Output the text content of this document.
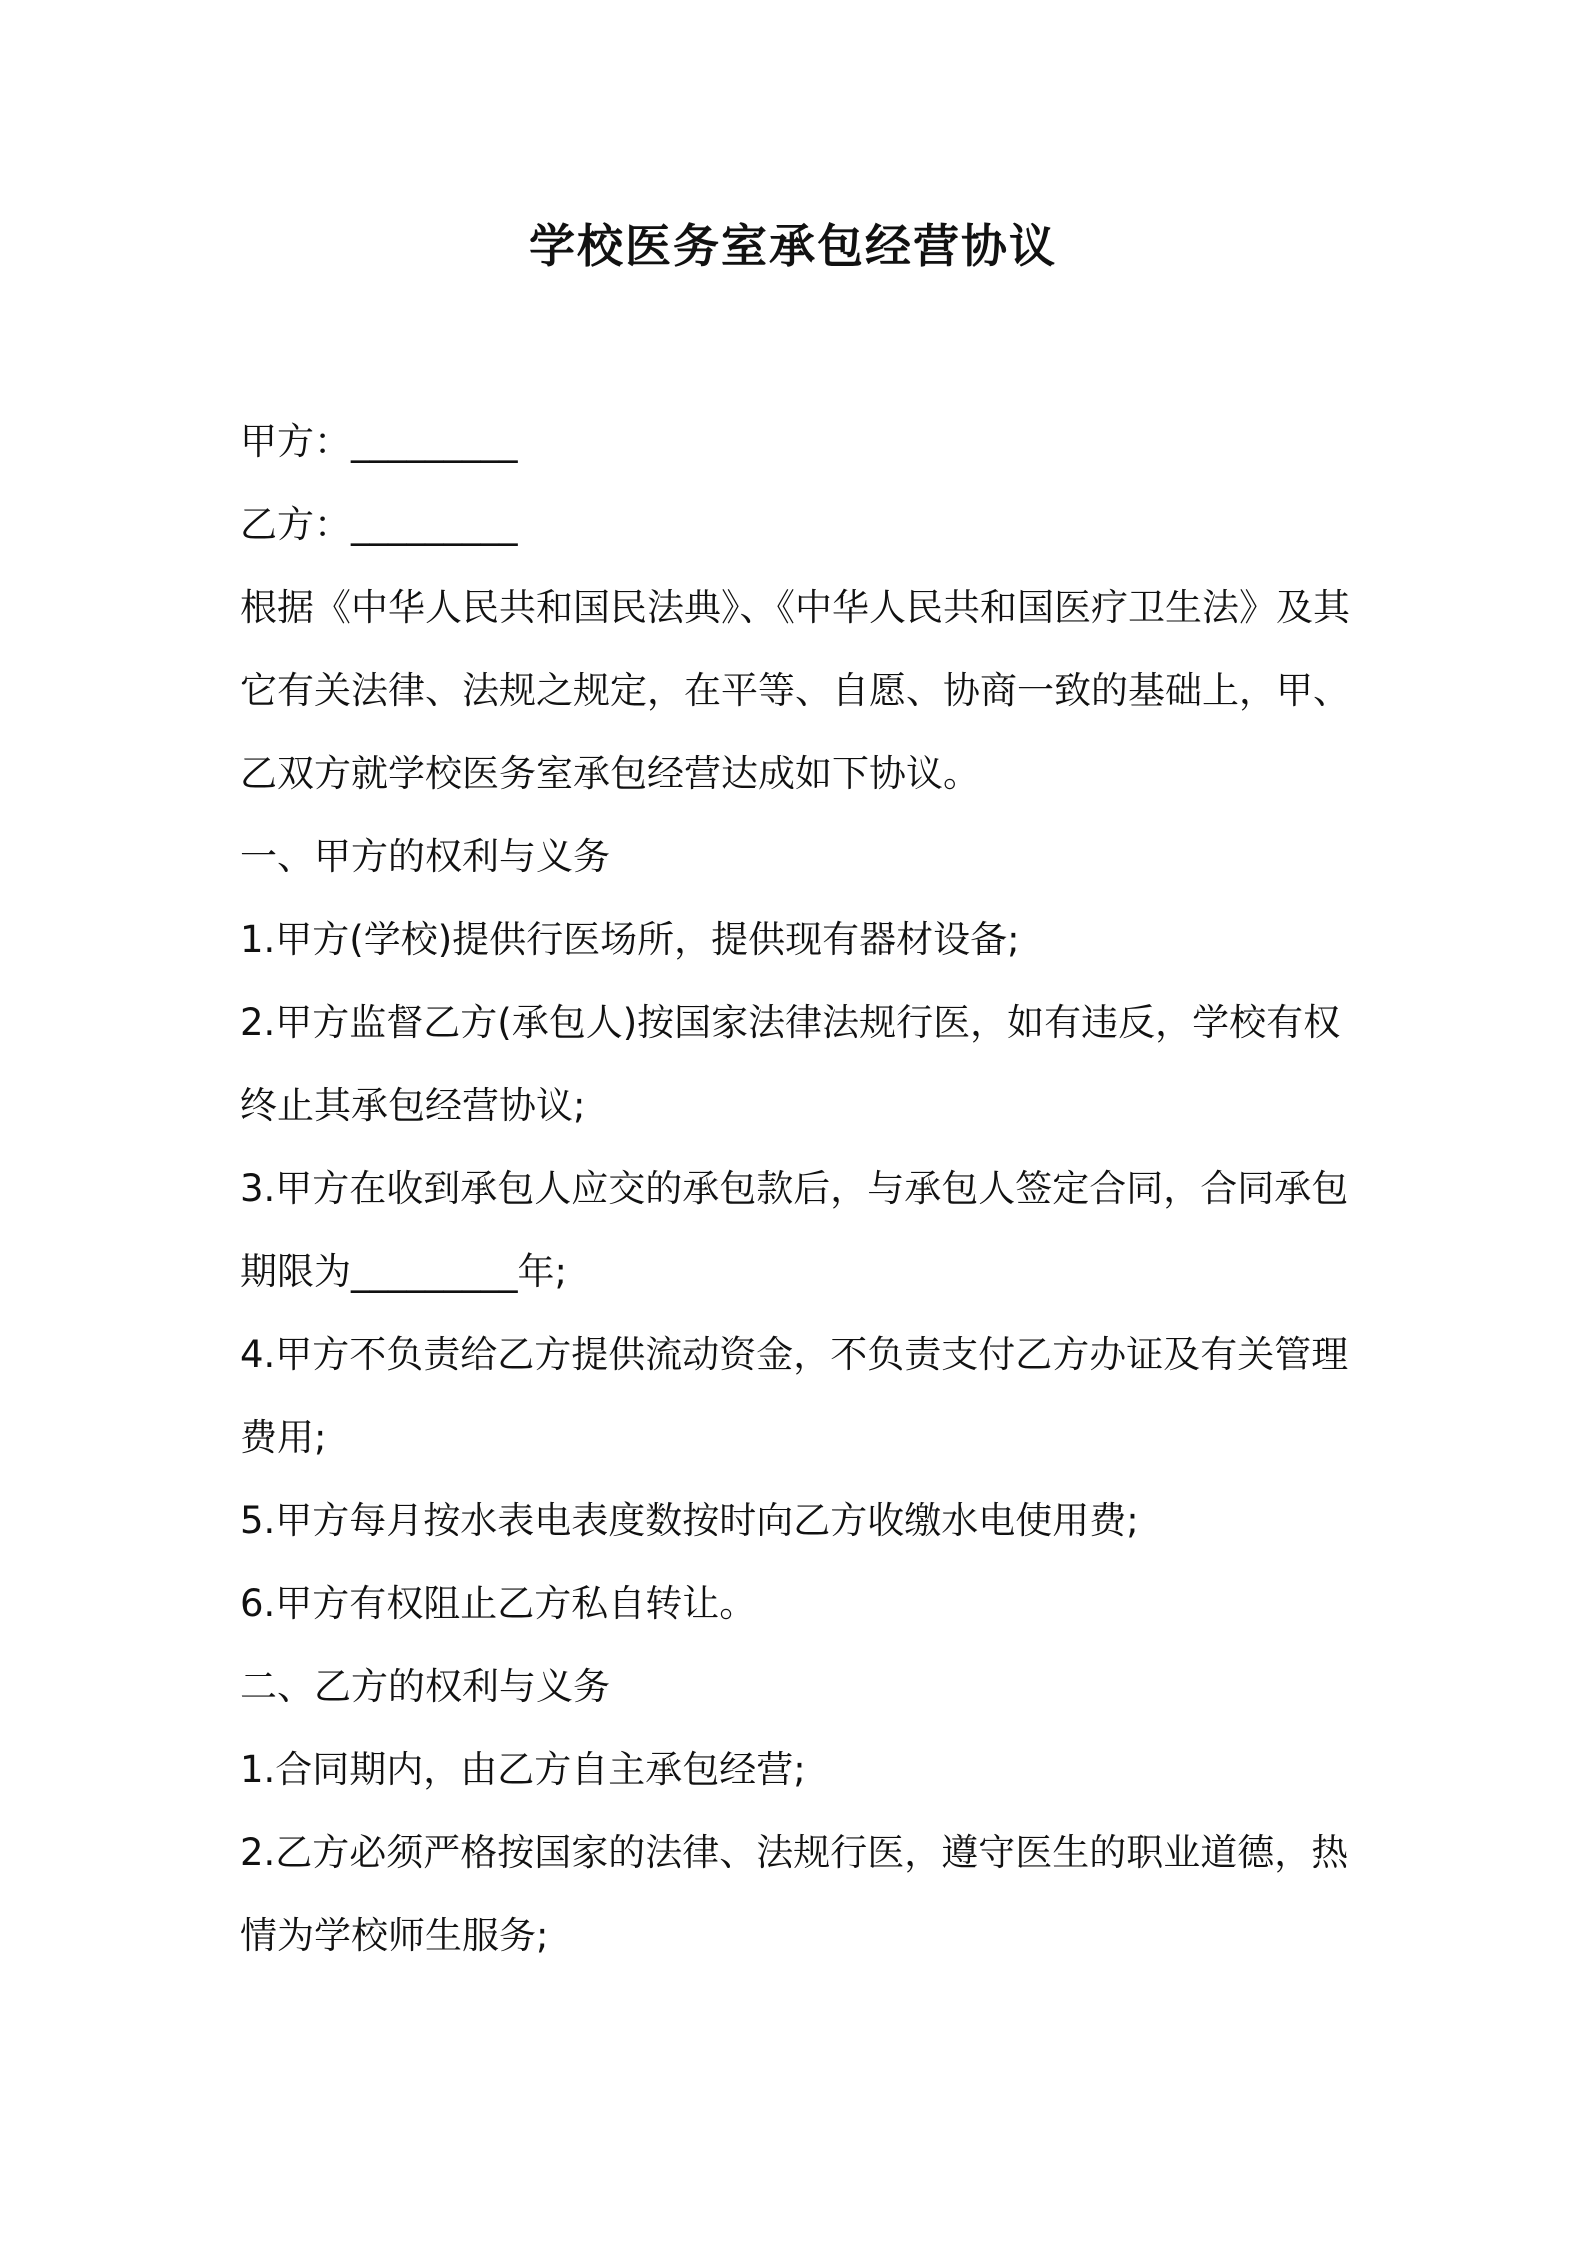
学校医务室承包经营协议
甲方：_________
乙方：_________
根据《中华人民共和国民法典》、《中华人民共和国医疗卫生法》及其
它有关法律、法规之规定，在平等、自愿、协商一致的基础上，甲、
乙双方就学校医务室承包经营达成如下协议。
一、甲方的权利与义务
1.甲方(学校)提供行医场所，提供现有器材设备;
2.甲方监督乙方(承包人)按国家法律法规行医，如有违反，学校有权
终止其承包经营协议;
3.甲方在收到承包人应交的承包款后，与承包人签定合同，合同承包
期限为_________年;
4.甲方不负责给乙方提供流动资金，不负责支付乙方办证及有关管理
费用;
5.甲方每月按水表电表度数按时向乙方收缴水电使用费;
6.甲方有权阻止乙方私自转让。
二、乙方的权利与义务
1.合同期内，由乙方自主承包经营;
2.乙方必须严格按国家的法律、法规行医，遵守医生的职业道德，热
情为学校师生服务;
